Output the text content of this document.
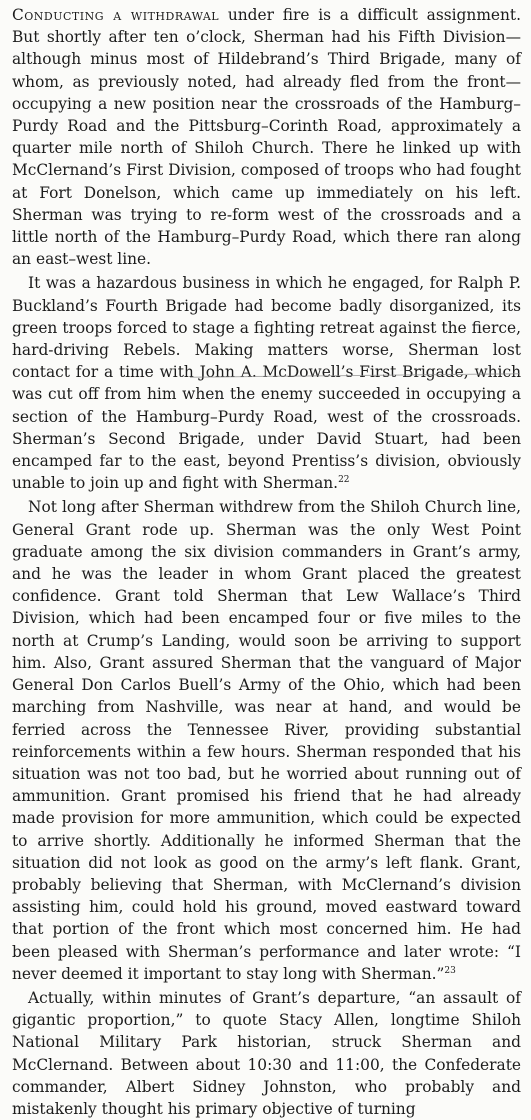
Conducting a withdrawal under fire is a difficult assignment. But shortly after ten o’clock, Sherman had his Fifth Division—although minus most of Hildebrand’s Third Brigade, many of whom, as previously noted, had already fled from the front—occupying a new position near the crossroads of the Hamburg–Purdy Road and the Pittsburg–Corinth Road, approximately a quarter mile north of Shiloh Church. There he linked up with McClernand’s First Division, composed of troops who had fought at Fort Donelson, which came up immediately on his left. Sherman was trying to re-form west of the crossroads and a little north of the Hamburg–Purdy Road, which there ran along an east–west line.

It was a hazardous business in which he engaged, for Ralph P. Buckland’s Fourth Brigade had become badly disorganized, its green troops forced to stage a fighting retreat against the fierce, hard-driving Rebels. Making matters worse, Sherman lost contact for a time with John A. McDowell’s First Brigade, which was cut off from him when the enemy succeeded in occupying a section of the Hamburg–Purdy Road, west of the crossroads. Sherman’s Second Brigade, under David Stuart, had been encamped far to the east, beyond Prentiss’s division, obviously unable to join up and fight with Sherman.$^{22}$

Not long after Sherman withdrew from the Shiloh Church line, General Grant rode up. Sherman was the only West Point graduate among the six division commanders in Grant’s army, and he was the leader in whom Grant placed the greatest confidence. Grant told Sherman that Lew Wallace’s Third Division, which had been encamped four or five miles to the north at Crump’s Landing, would soon be arriving to support him. Also, Grant assured Sherman that the vanguard of Major General Don Carlos Buell’s Army of the Ohio, which had been marching from Nashville, was near at hand, and would be ferried across the Tennessee River, providing substantial reinforcements within a few hours. Sherman responded that his situation was not too bad, but he worried about running out of ammunition. Grant promised his friend that he had already made provision for more ammunition, which could be expected to arrive shortly. Additionally he informed Sherman that the situation did not look as good on the army’s left flank. Grant, probably believing that Sherman, with McClernand’s division assisting him, could hold his ground, moved eastward toward that portion of the front which most concerned him. He had been pleased with Sherman’s performance and later wrote: “I never deemed it important to stay long with Sherman.”$^{23}$

Actually, within minutes of Grant’s departure, “an assault of gigantic proportion,” to quote Stacy Allen, longtime Shiloh National Military Park historian, struck Sherman and McClernand. Between about 10:30 and 11:00, the Confederate commander, Albert Sidney Johnston, who probably and mistakenly thought his primary objective of turning
